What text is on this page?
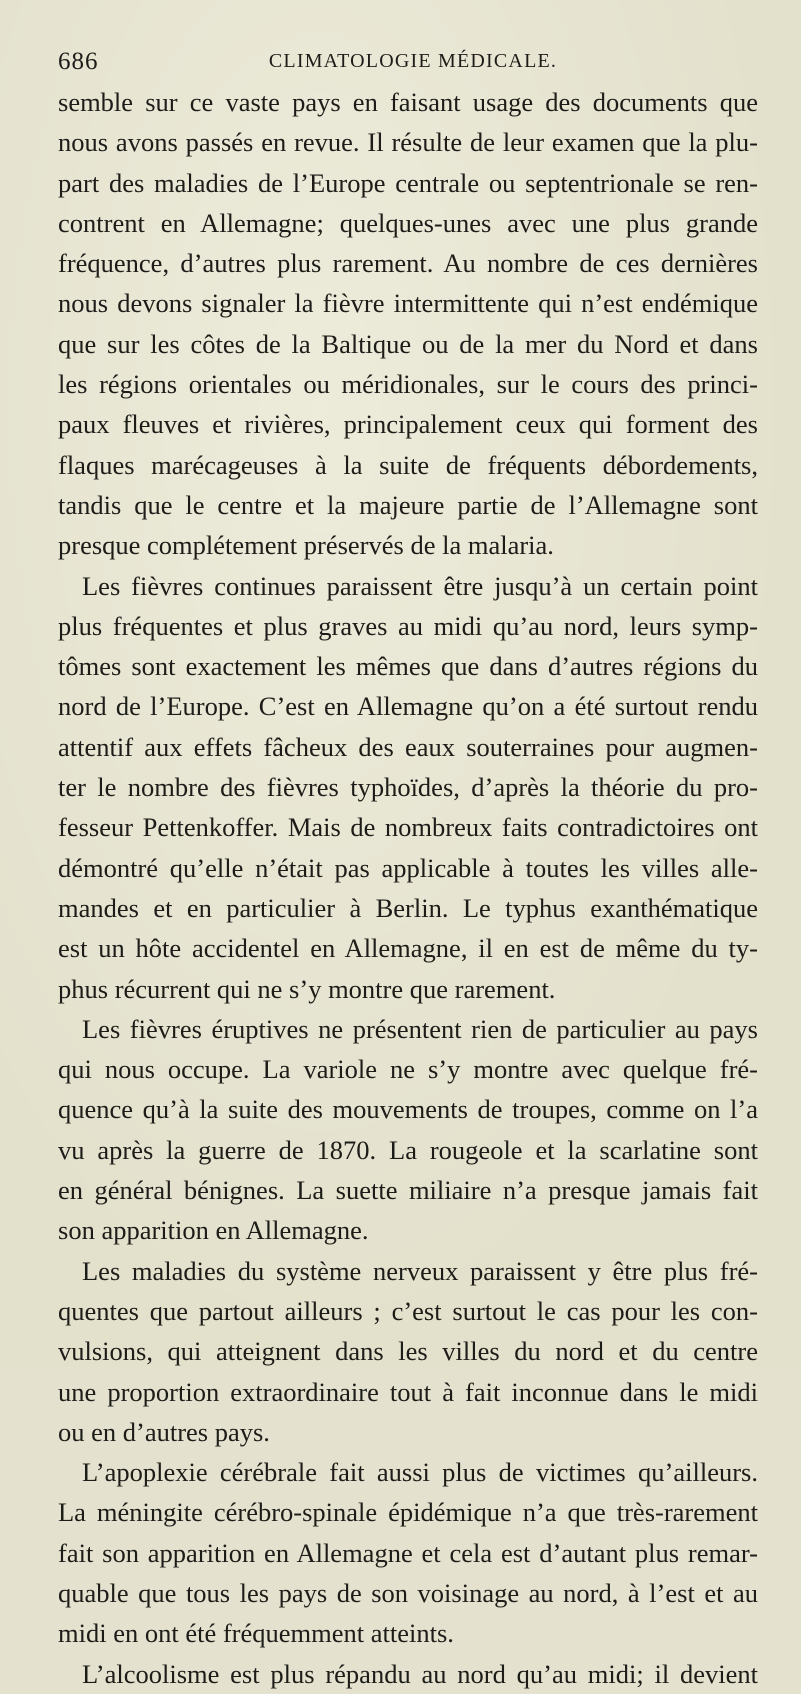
686	CLIMATOLOGIE MÉDICALE.
semble sur ce vaste pays en faisant usage des documents que
nous avons passés en revue. Il résulte de leur examen que la plu-
part des maladies de l’Europe centrale ou septentrionale se ren-
contrent en Allemagne; quelques-unes avec une plus grande
fréquence, d’autres plus rarement. Au nombre de ces dernières
nous devons signaler la fièvre intermittente qui n’est endémique
que sur les côtes de la Baltique ou de la mer du Nord et dans
les régions orientales ou méridionales, sur le cours des princi-
paux fleuves et rivières, principalement ceux qui forment des
flaques marécageuses à la suite de fréquents débordements,
tandis que le centre et la majeure partie de l’Allemagne sont
presque complétement préservés de la malaria.
Les fièvres continues paraissent être jusqu’à un certain point
plus fréquentes et plus graves au midi qu’au nord, leurs symp-
tômes sont exactement les mêmes que dans d’autres régions du
nord de l’Europe. C’est en Allemagne qu’on a été surtout rendu
attentif aux effets fâcheux des eaux souterraines pour augmen-
ter le nombre des fièvres typhoïdes, d’après la théorie du pro-
fesseur Pettenkoffer. Mais de nombreux faits contradictoires ont
démontré qu’elle n’était pas applicable à toutes les villes alle-
mandes et en particulier à Berlin. Le typhus exanthématique
est un hôte accidentel en Allemagne, il en est de même du ty-
phus récurrent qui ne s’y montre que rarement.
Les fièvres éruptives ne présentent rien de particulier au pays
qui nous occupe. La variole ne s’y montre avec quelque fré-
quence qu’à la suite des mouvements de troupes, comme on l’a
vu après la guerre de 1870. La rougeole et la scarlatine sont
en général bénignes. La suette miliaire n’a presque jamais fait
son apparition en Allemagne.
Les maladies du système nerveux paraissent y être plus fré-
quentes que partout ailleurs ; c’est surtout le cas pour les con-
vulsions, qui atteignent dans les villes du nord et du centre
une proportion extraordinaire tout à fait inconnue dans le midi
ou en d’autres pays.
L’apoplexie cérébrale fait aussi plus de victimes qu’ailleurs.
La méningite cérébro-spinale épidémique n’a que très-rarement
fait son apparition en Allemagne et cela est d’autant plus remar-
quable que tous les pays de son voisinage au nord, à l’est et au
midi en ont été fréquemment atteints.
L’alcoolisme est plus répandu au nord qu’au midi; il devient
